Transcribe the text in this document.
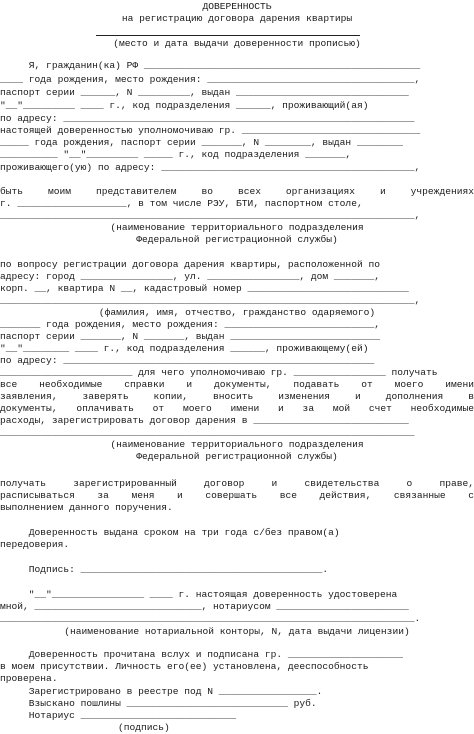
ДОВЕРЕННОСТЬ
на регистрацию договора дарения квартиры
(место и дата выдачи доверенности прописью)
Я, гражданин(ка) РФ ________________________________________________
____ года рождения, место рождения: ____________________________________,
паспорт серии ______, N _________, выдан ______________________________
"__"_________ ____ г., код подразделения ______, проживающий(ая)
по адресу: _____________________________________________________________
настоящей доверенностью уполномочиваю гр. _______________________________
_____ года рождения, паспорт серии _______, N ________, выдан ________
__________ "__"_________ _____ г., код подразделения _______,
проживающего(ую) по адресу: ____________________________________________,
быть моим представителем во всех организациях и учреждениях
г. ___________________, в том числе РЭУ, БТИ, паспортном столе,
________________________________________________________________________,
(наименование территориального подразделения
Федеральной регистрационной службы)
по вопросу регистрации договора дарения квартиры, расположенной по
адресу: город ________________, ул. ________________, дом _______,
корп. __, квартира N __, кадастровый номер ____________________________
________________________________________________________________________,
(фамилия, имя, отчество, гражданство одаряемого)
_______ года рождения, место рождения: __________________________,
паспорт серии _______, N _______, выдан __________________________
"__"________ ____ г., код подразделения ______, проживающему(ей)
по адресу: ______________________________________________________
_______________________ для чего уполномочиваю гр. ________________ получать
все необходимые справки и документы, подавать от моего имени
заявления, заверять копии, вносить изменения и дополнения в
документы, оплачивать от моего имени и за мой счет необходимые
расходы, зарегистрировать договор дарения в ___________________________
________________________________________________________________________
(наименование территориального подразделения
Федеральной регистрационной службы)
получать зарегистрированный договор и свидетельства о праве,
расписываться за меня и совершать все действия, связанные с
выполнением данного поручения.
Доверенность выдана сроком на три года с/без правом(а)
передоверия.
Подпись: __________________________________________.
"__"________________ ____ г. настоящая доверенность удостоверена
мной, _____________________________, нотариусом _______________________
________________________________________________________________________.
(наименование нотариальной конторы, N, дата выдачи лицензии)
Доверенность прочитана вслух и подписана гр. ____________________
в моем присутствии. Личность его(ее) установлена, дееспособность
проверена.
Зарегистрировано в реестре под N _________________.
Взыскано пошлины ____________________________ руб.
Нотариус ___________________________
(подпись)
